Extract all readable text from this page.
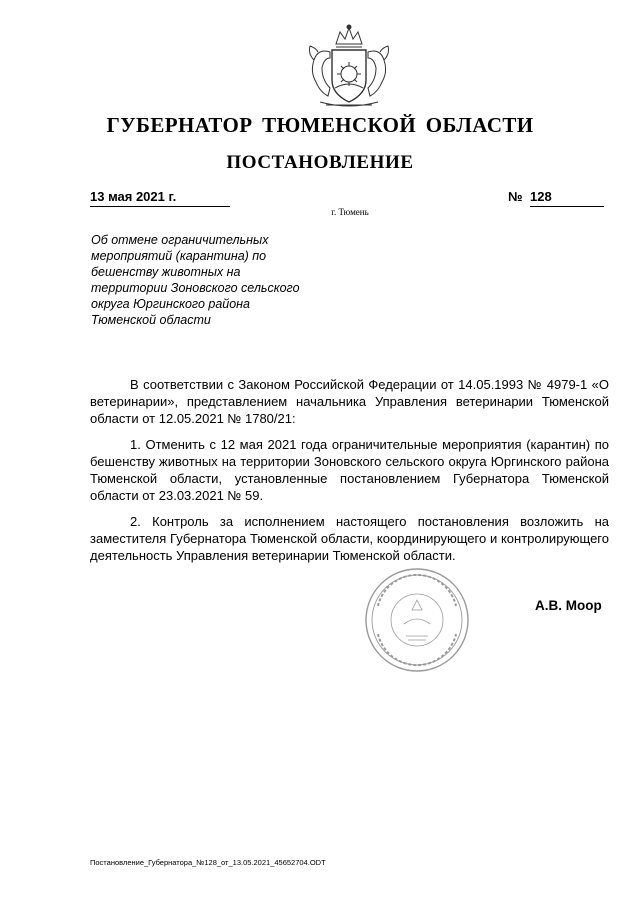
ГУБЕРНАТОР ТЮМЕНСКОЙ ОБЛАСТИ
ПОСТАНОВЛЕНИЕ
13 мая 2021 г.	№ 128
г. Тюмень
Об отмене ограничительных мероприятий (карантина) по бешенству животных на территории Зоновского сельского округа Юргинского района Тюменской области

В соответствии с Законом Российской Федерации от 14.05.1993 № 4979-1 «О ветеринарии», представлением начальника Управления ветеринарии Тюменской области от 12.05.2021 № 1780/21:

1. Отменить с 12 мая 2021 года ограничительные мероприятия (карантин) по бешенству животных на территории Зоновского сельского округа Юргинского района Тюменской области, установленные постановлением Губернатора Тюменской области от 23.03.2021 № 59.

2. Контроль за исполнением настоящего постановления возложить на заместителя Губернатора Тюменской области, координирующего и контролирующего деятельность Управления ветеринарии Тюменской области.

А.В. Моор
Постановление_Губернатора_№128_от_13.05.2021_45652704.ODT
